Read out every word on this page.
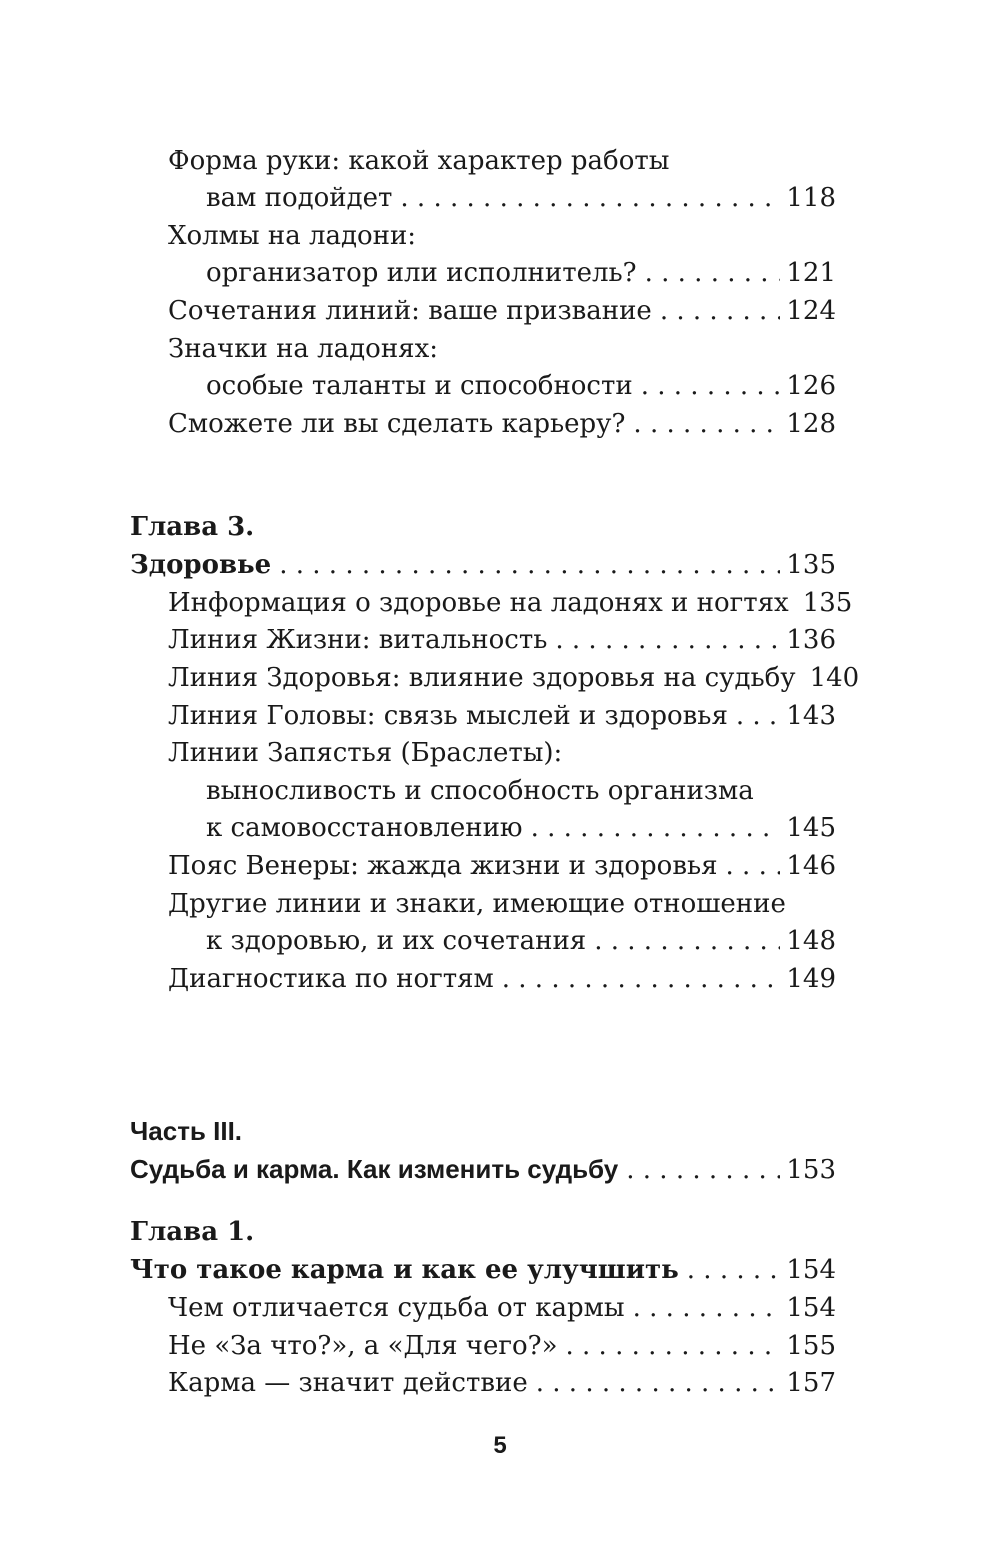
Форма руки: какой характер работы
вам подойдет . . .	118
Холмы на ладони:
организатор или исполнитель? . . .	121
Сочетания линий: ваше призвание . . .	124
Значки на ладонях:
особые таланты и способности . . .	126
Сможете ли вы сделать карьеру? . . .	128
Глава 3.
Здоровье . . .	135
Информация о здоровье на ладонях и ногтях 135
Линия Жизни: витальность . . .	136
Линия Здоровья: влияние здоровья на судьбу 140
Линия Головы: связь мыслей и здоровья . . . 143
Линии Запястья (Браслеты):
выносливость и способность организма
к самовосстановлению . . .	145
Пояс Венеры: жажда жизни и здоровья . . .	146
Другие линии и знаки, имеющие отношение
к здоровью, и их сочетания . . .	148
Диагностика по ногтям . . .	149
Часть III.
Судьба и карма. Как изменить судьбу . . .	153
Глава 1.
Что такое карма и как ее улучшить . . .	154
Чем отличается судьба от кармы . . .	154
Не «За что?», а «Для чего?» . . .	155
Карма — значит действие . . .	157
5
